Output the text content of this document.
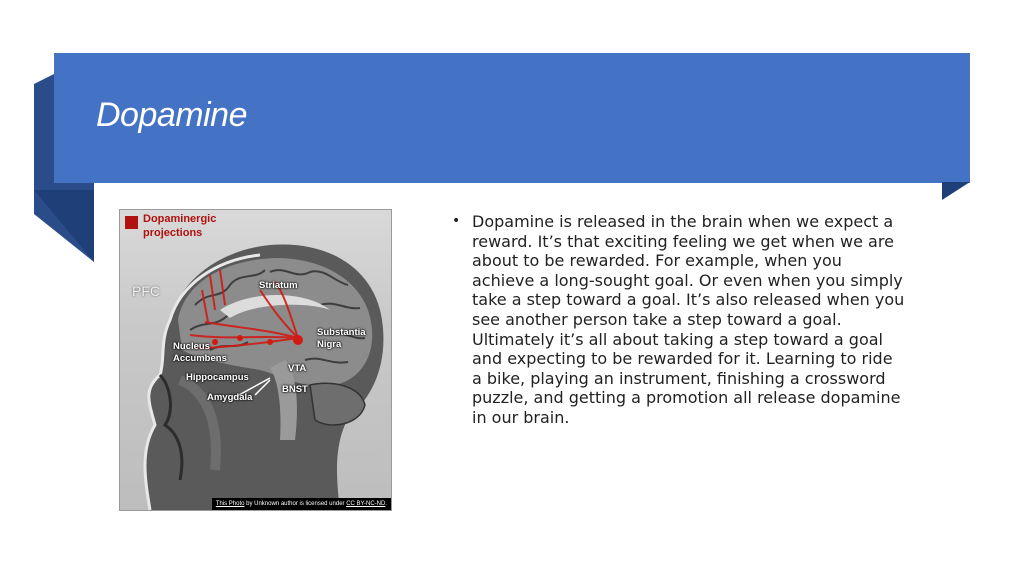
Dopamine
Dopaminergic projections
PFC	Striatum
Substantia
Nigra
Nucleus
Accumbens
Hippocampus
VTA
BNST
Amygdala
This Photo by Unknown author is licensed under CC BY-NC-ND.
• Dopamine is released in the brain when we expect a reward. It’s that exciting feeling we get when we are about to be rewarded. For example, when you achieve a long-sought goal. Or even when you simply take a step toward a goal. It’s also released when you see another person take a step toward a goal. Ultimately it’s all about taking a step toward a goal and expecting to be rewarded for it. Learning to ride a bike, playing an instrument, finishing a crossword puzzle, and getting a promotion all release dopamine in our brain.
